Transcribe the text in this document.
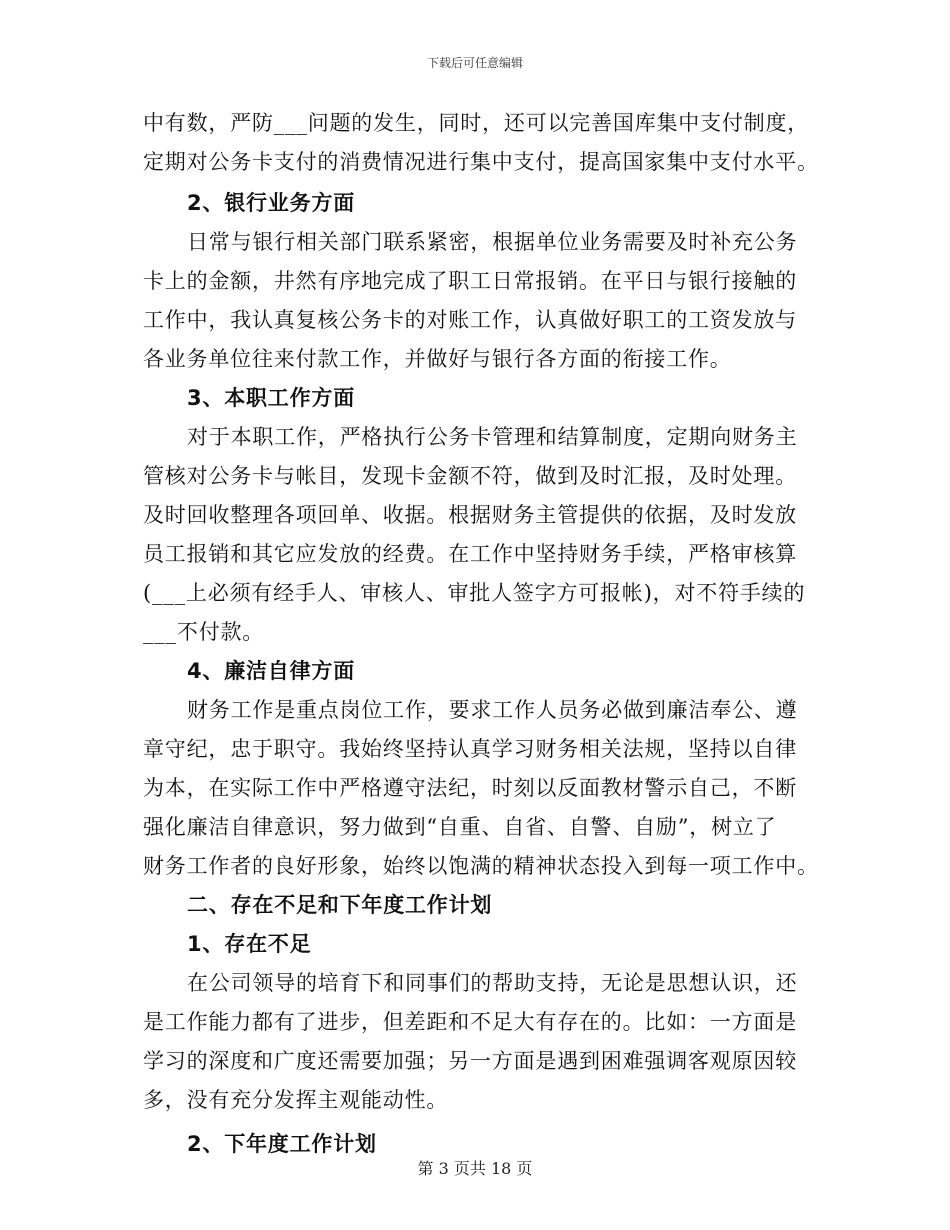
下载后可任意编辑

中有数，严防___问题的发生，同时，还可以完善国库集中支付制度，

定期对公务卡支付的消费情况进行集中支付，提高国家集中支付水平。

2、银行业务方面

日常与银行相关部门联系紧密，根据单位业务需要及时补充公务

卡上的金额，井然有序地完成了职工日常报销。在平日与银行接触的

工作中，我认真复核公务卡的对账工作，认真做好职工的工资发放与

各业务单位往来付款工作，并做好与银行各方面的衔接工作。

3、本职工作方面

对于本职工作，严格执行公务卡管理和结算制度，定期向财务主

管核对公务卡与帐目，发现卡金额不符，做到及时汇报，及时处理。

及时回收整理各项回单、收据。根据财务主管提供的依据，及时发放

员工报销和其它应发放的经费。在工作中坚持财务手续，严格审核算

(___上必须有经手人、审核人、审批人签字方可报帐)，对不符手续的

___不付款。

4、廉洁自律方面

财务工作是重点岗位工作，要求工作人员务必做到廉洁奉公、遵

章守纪，忠于职守。我始终坚持认真学习财务相关法规，坚持以自律

为本，在实际工作中严格遵守法纪，时刻以反面教材警示自己，不断

强化廉洁自律意识，努力做到“自重、自省、自警、自励”，树立了

财务工作者的良好形象，始终以饱满的精神状态投入到每一项工作中。

二、存在不足和下年度工作计划

1、存在不足

在公司领导的培育下和同事们的帮助支持，无论是思想认识，还

是工作能力都有了进步，但差距和不足大有存在的。比如：一方面是

学习的深度和广度还需要加强；另一方面是遇到困难强调客观原因较

多，没有充分发挥主观能动性。

2、下年度工作计划

第 3 页共 18 页
